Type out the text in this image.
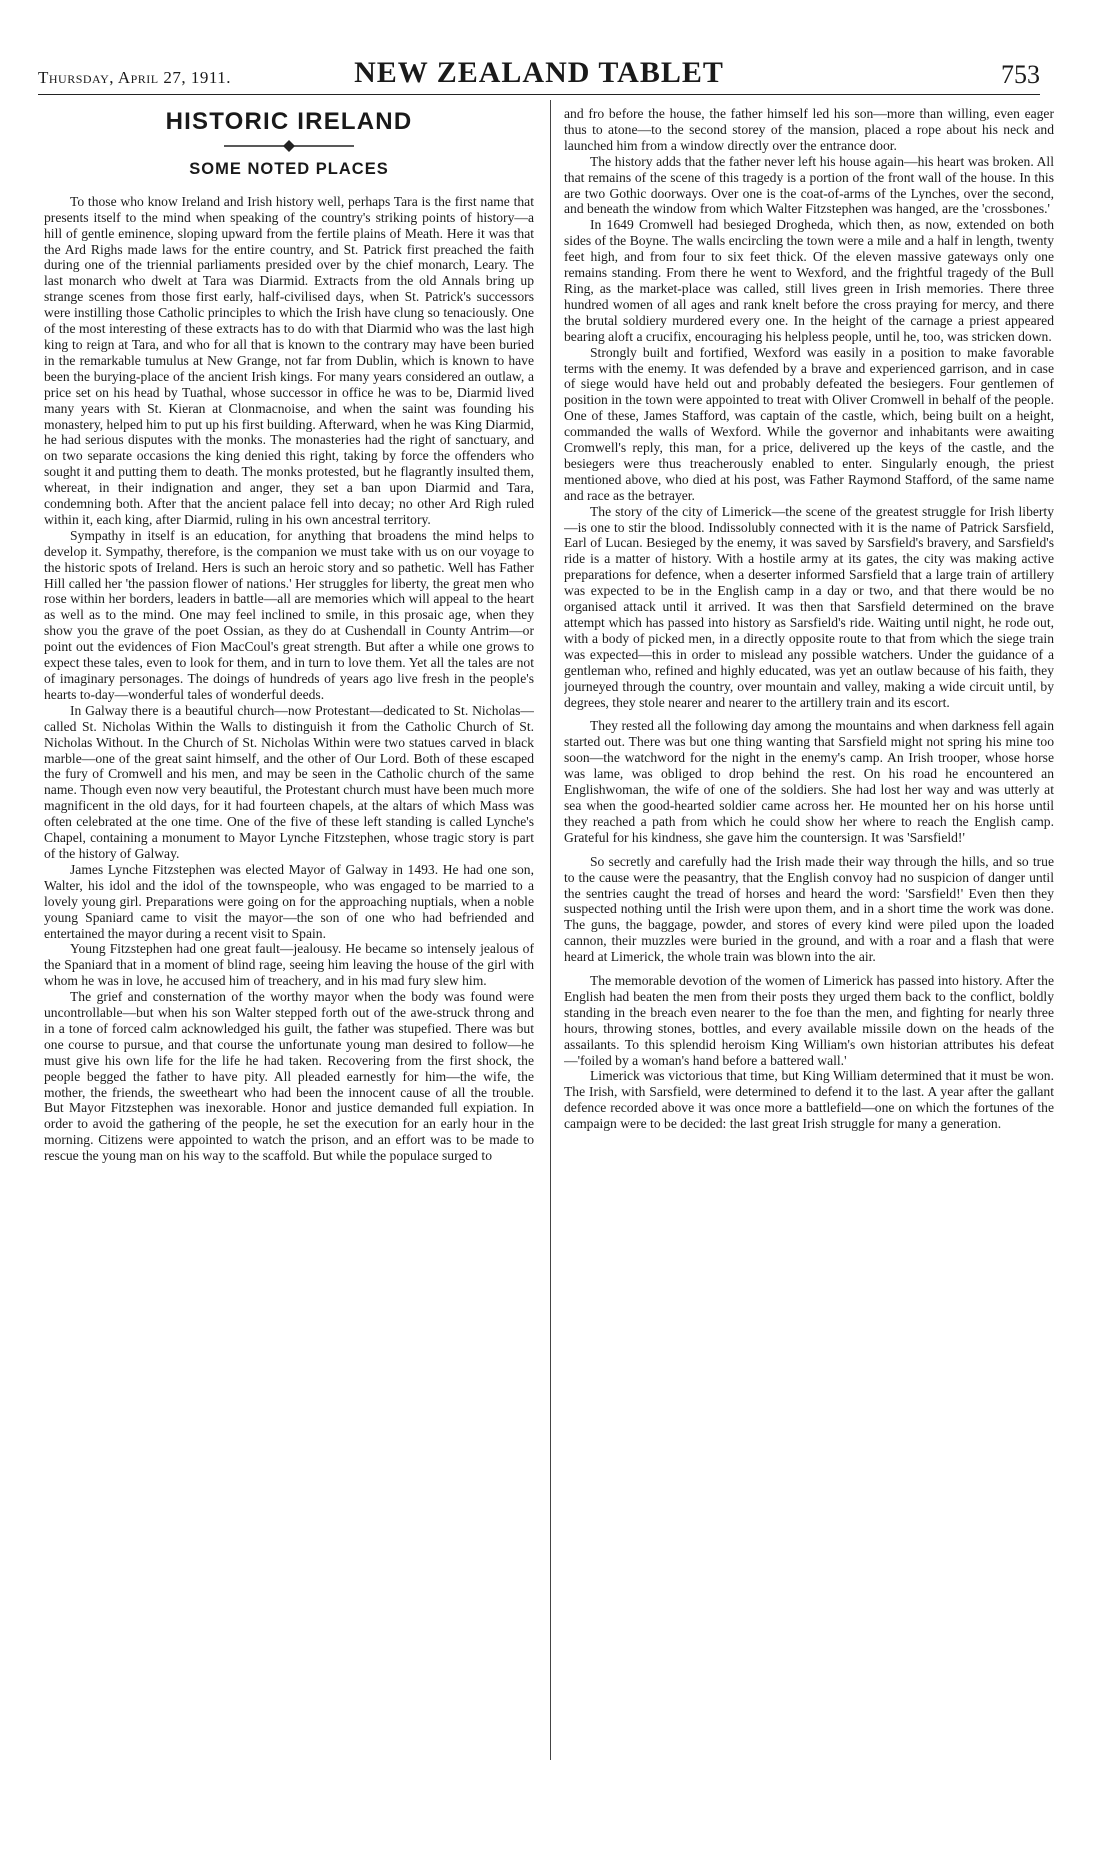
Thursday, April 27, 1911.	NEW ZEALAND TABLET	753
HISTORIC IRELAND
SOME NOTED PLACES

To those who know Ireland and Irish history well, perhaps Tara is the first name that presents itself to the mind when speaking of the country's striking points of history—a hill of gentle eminence, sloping upward from the fertile plains of Meath. Here it was that the Ard Righs made laws for the entire country, and St. Patrick first preached the faith during one of the triennial parliaments presided over by the chief monarch, Leary. The last monarch who dwelt at Tara was Diarmid. Extracts from the old Annals bring up strange scenes from those first early, half-civilised days, when St. Patrick's successors were instilling those Catholic principles to which the Irish have clung so tenaciously. One of the most interesting of these extracts has to do with that Diarmid who was the last high king to reign at Tara, and who for all that is known to the contrary may have been buried in the remarkable tumulus at New Grange, not far from Dublin, which is known to have been the burying-place of the ancient Irish kings. For many years considered an outlaw, a price set on his head by Tuathal, whose successor in office he was to be, Diarmid lived many years with St. Kieran at Clonmacnoise, and when the saint was founding his monastery, helped him to put up his first building. Afterward, when he was King Diarmid, he had serious disputes with the monks. The monasteries had the right of sanctuary, and on two separate occasions the king denied this right, taking by force the offenders who sought it and putting them to death. The monks protested, but he flagrantly insulted them, whereat, in their indignation and anger, they set a ban upon Diarmid and Tara, condemning both. After that the ancient palace fell into decay; no other Ard Righ ruled within it, each king, after Diarmid, ruling in his own ancestral territory.

Sympathy in itself is an education, for anything that broadens the mind helps to develop it. Sympathy, therefore, is the companion we must take with us on our voyage to the historic spots of Ireland. Hers is such an heroic story and so pathetic. Well has Father Hill called her 'the passion flower of nations.' Her struggles for liberty, the great men who rose within her borders, leaders in battle—all are memories which will appeal to the heart as well as to the mind. One may feel inclined to smile, in this prosaic age, when they show you the grave of the poet Ossian, as they do at Cushendall in County Antrim—or point out the evidences of Fion MacCoul's great strength. But after a while one grows to expect these tales, even to look for them, and in turn to love them. Yet all the tales are not of imaginary personages. The doings of hundreds of years ago live fresh in the people's hearts to-day—wonderful tales of wonderful deeds.

In Galway there is a beautiful church—now Protestant—dedicated to St. Nicholas—called St. Nicholas Within the Walls to distinguish it from the Catholic Church of St. Nicholas Without. In the Church of St. Nicholas Within were two statues carved in black marble—one of the great saint himself, and the other of Our Lord. Both of these escaped the fury of Cromwell and his men, and may be seen in the Catholic church of the same name. Though even now very beautiful, the Protestant church must have been much more magnificent in the old days, for it had fourteen chapels, at the altars of which Mass was often celebrated at the one time. One of the five of these left standing is called Lynche's Chapel, containing a monument to Mayor Lynche Fitzstephen, whose tragic story is part of the history of Galway.

James Lynche Fitzstephen was elected Mayor of Galway in 1493. He had one son, Walter, his idol and the idol of the townspeople, who was engaged to be married to a lovely young girl. Preparations were going on for the approaching nuptials, when a noble young Spaniard came to visit the mayor—the son of one who had befriended and entertained the mayor during a recent visit to Spain.

Young Fitzstephen had one great fault—jealousy. He became so intensely jealous of the Spaniard that in a moment of blind rage, seeing him leaving the house of the girl with whom he was in love, he accused him of treachery, and in his mad fury slew him.

The grief and consternation of the worthy mayor when the body was found were uncontrollable—but when his son Walter stepped forth out of the awe-struck throng and in a tone of forced calm acknowledged his guilt, the father was stupefied. There was but one course to pursue, and that course the unfortunate young man desired to follow—he must give his own life for the life he had taken. Recovering from the first shock, the people begged the father to have pity. All pleaded earnestly for him—the wife, the mother, the friends, the sweetheart who had been the innocent cause of all the trouble. But Mayor Fitzstephen was inexorable. Honor and justice demanded full expiation. In order to avoid the gathering of the people, he set the execution for an early hour in the morning. Citizens were appointed to watch the prison, and an effort was to be made to rescue the young man on his way to the scaffold. But while the populace surged to

and fro before the house, the father himself led his son—more than willing, even eager thus to atone—to the second storey of the mansion, placed a rope about his neck and launched him from a window directly over the entrance door.

The history adds that the father never left his house again—his heart was broken. All that remains of the scene of this tragedy is a portion of the front wall of the house. In this are two Gothic doorways. Over one is the coat-of-arms of the Lynches, over the second, and beneath the window from which Walter Fitzstephen was hanged, are the 'crossbones.'

In 1649 Cromwell had besieged Drogheda, which then, as now, extended on both sides of the Boyne. The walls encircling the town were a mile and a half in length, twenty feet high, and from four to six feet thick. Of the eleven massive gateways only one remains standing. From there he went to Wexford, and the frightful tragedy of the Bull Ring, as the market-place was called, still lives green in Irish memories. There three hundred women of all ages and rank knelt before the cross praying for mercy, and there the brutal soldiery murdered every one. In the height of the carnage a priest appeared bearing aloft a crucifix, encouraging his helpless people, until he, too, was stricken down.

Strongly built and fortified, Wexford was easily in a position to make favorable terms with the enemy. It was defended by a brave and experienced garrison, and in case of siege would have held out and probably defeated the besiegers. Four gentlemen of position in the town were appointed to treat with Oliver Cromwell in behalf of the people. One of these, James Stafford, was captain of the castle, which, being built on a height, commanded the walls of Wexford. While the governor and inhabitants were awaiting Cromwell's reply, this man, for a price, delivered up the keys of the castle, and the besiegers were thus treacherously enabled to enter. Singularly enough, the priest mentioned above, who died at his post, was Father Raymond Stafford, of the same name and race as the betrayer.

The story of the city of Limerick—the scene of the greatest struggle for Irish liberty—is one to stir the blood. Indissolubly connected with it is the name of Patrick Sarsfield, Earl of Lucan. Besieged by the enemy, it was saved by Sarsfield's bravery, and Sarsfield's ride is a matter of history. With a hostile army at its gates, the city was making active preparations for defence, when a deserter informed Sarsfield that a large train of artillery was expected to be in the English camp in a day or two, and that there would be no organised attack until it arrived. It was then that Sarsfield determined on the brave attempt which has passed into history as Sarsfield's ride. Waiting until night, he rode out, with a body of picked men, in a directly opposite route to that from which the siege train was expected—this in order to mislead any possible watchers. Under the guidance of a gentleman who, refined and highly educated, was yet an outlaw because of his faith, they journeyed through the country, over mountain and valley, making a wide circuit until, by degrees, they stole nearer and nearer to the artillery train and its escort.

They rested all the following day among the mountains and when darkness fell again started out. There was but one thing wanting that Sarsfield might not spring his mine too soon—the watchword for the night in the enemy's camp. An Irish trooper, whose horse was lame, was obliged to drop behind the rest. On his road he encountered an Englishwoman, the wife of one of the soldiers. She had lost her way and was utterly at sea when the good-hearted soldier came across her. He mounted her on his horse until they reached a path from which he could show her where to reach the English camp. Grateful for his kindness, she gave him the countersign. It was 'Sarsfield!'

So secretly and carefully had the Irish made their way through the hills, and so true to the cause were the peasantry, that the English convoy had no suspicion of danger until the sentries caught the tread of horses and heard the word: 'Sarsfield!' Even then they suspected nothing until the Irish were upon them, and in a short time the work was done. The guns, the baggage, powder, and stores of every kind were piled upon the loaded cannon, their muzzles were buried in the ground, and with a roar and a flash that were heard at Limerick, the whole train was blown into the air.

The memorable devotion of the women of Limerick has passed into history. After the English had beaten the men from their posts they urged them back to the conflict, boldly standing in the breach even nearer to the foe than the men, and fighting for nearly three hours, throwing stones, bottles, and every available missile down on the heads of the assailants. To this splendid heroism King William's own historian attributes his defeat—'foiled by a woman's hand before a battered wall.'

Limerick was victorious that time, but King William determined that it must be won. The Irish, with Sarsfield, were determined to defend it to the last. A year after the gallant defence recorded above it was once more a battlefield—one on which the fortunes of the campaign were to be decided: the last great Irish struggle for many a generation.
